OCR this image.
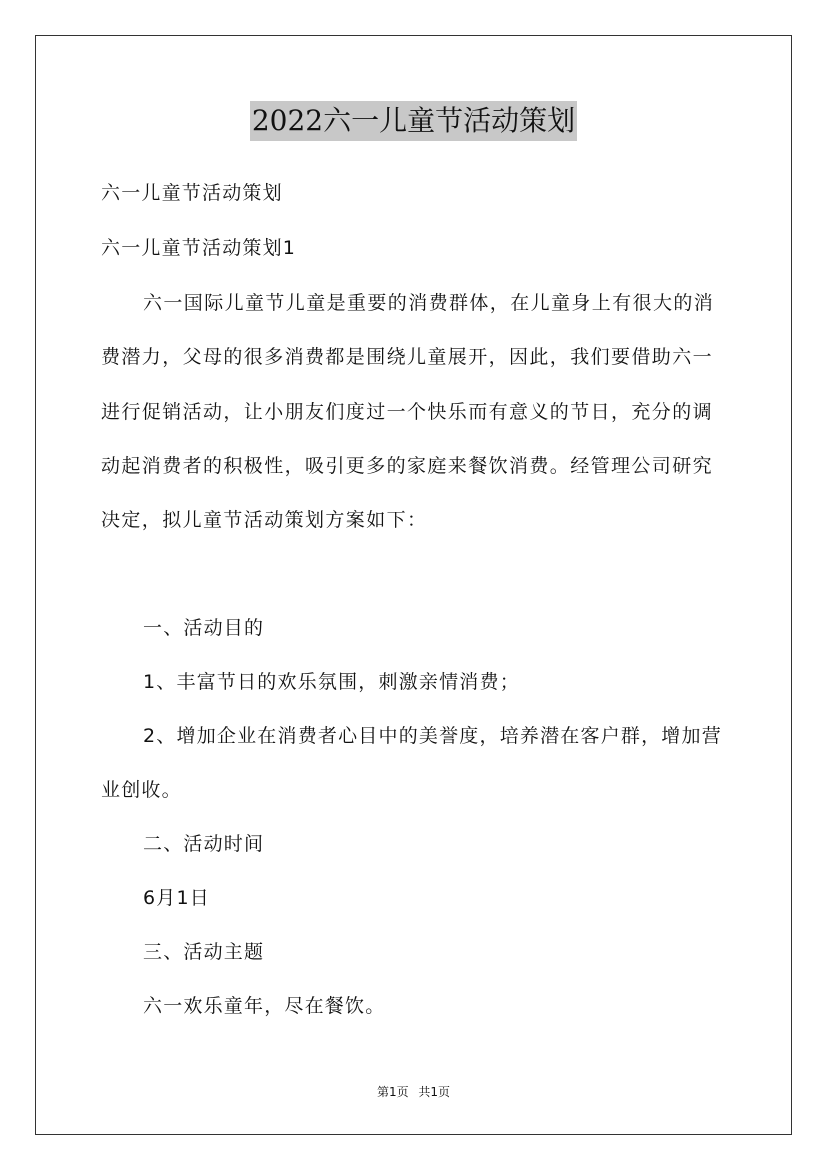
2022六一儿童节活动策划
六一儿童节活动策划
六一儿童节活动策划1
六一国际儿童节儿童是重要的消费群体，在儿童身上有很大的消
费潜力，父母的很多消费都是围绕儿童展开，因此，我们要借助六一
进行促销活动，让小朋友们度过一个快乐而有意义的节日，充分的调
动起消费者的积极性，吸引更多的家庭来餐饮消费。经管理公司研究
决定，拟儿童节活动策划方案如下：
一、活动目的
1、丰富节日的欢乐氛围，刺激亲情消费；
2、增加企业在消费者心目中的美誉度，培养潜在客户群，增加营
业创收。
二、活动时间
6月1日
三、活动主题
六一欢乐童年，尽在餐饮。
第1页 共1页
